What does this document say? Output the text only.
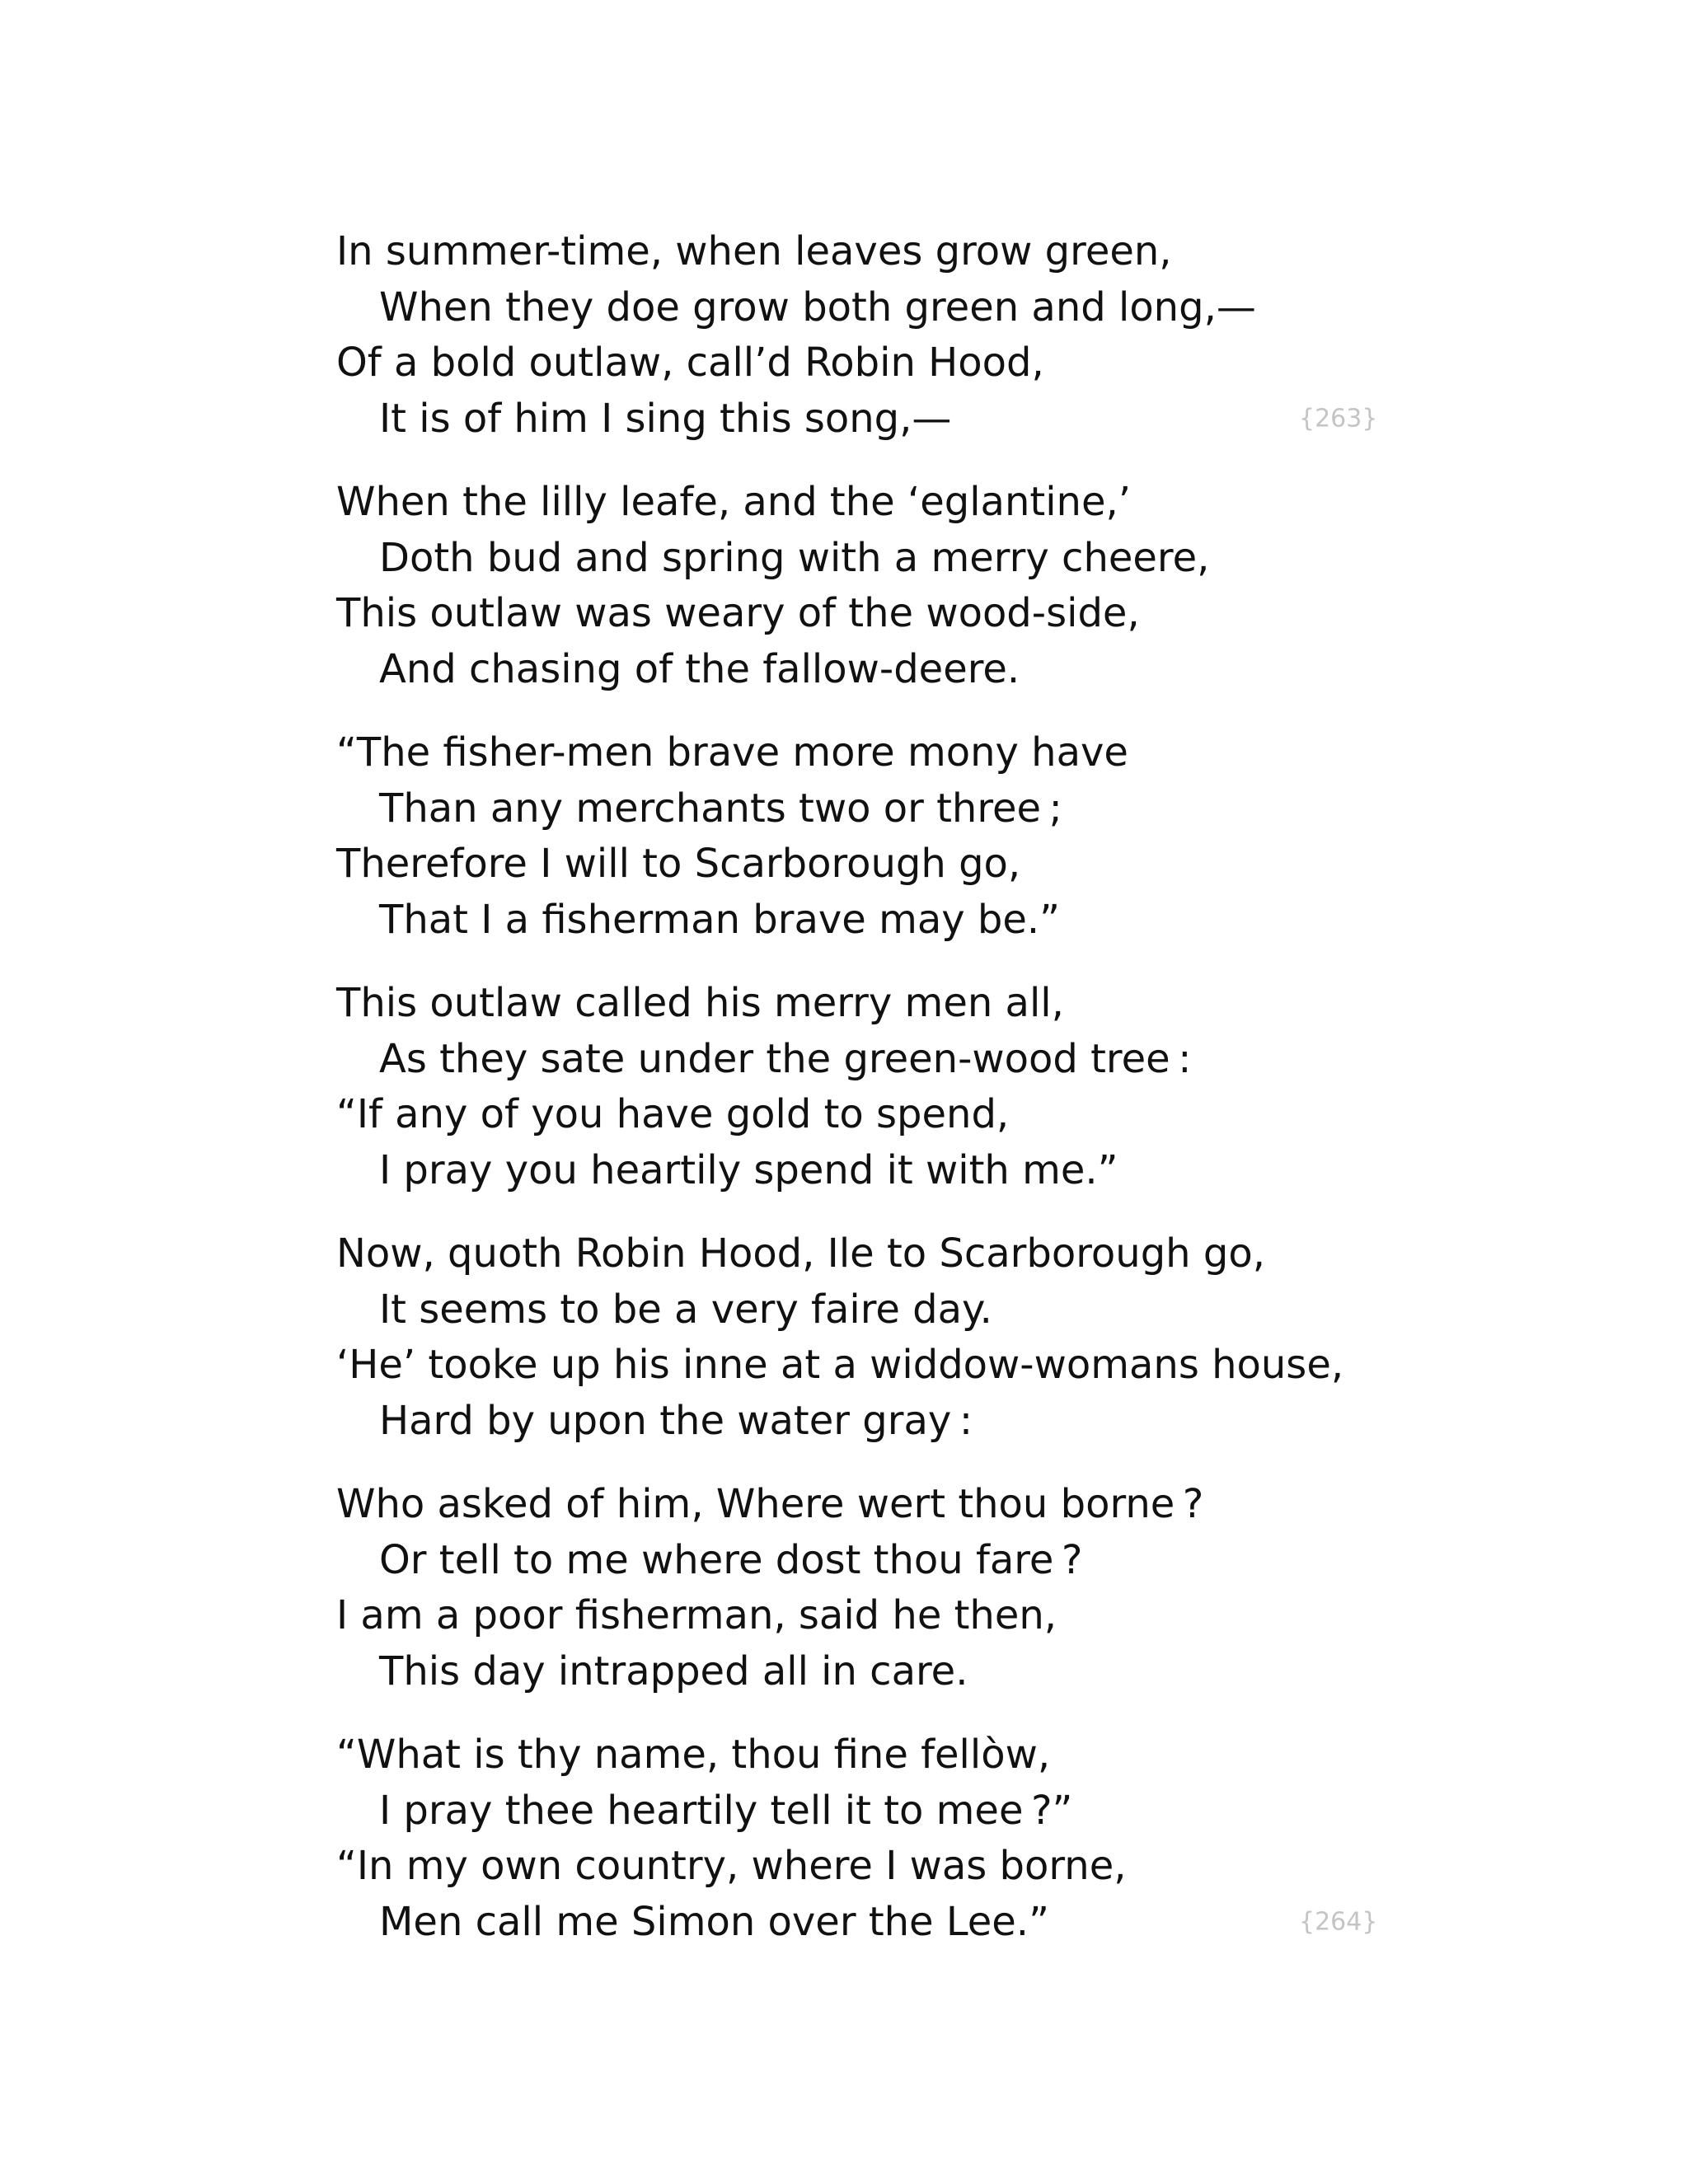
In summer-time, when leaves grow green,
When they doe grow both green and long,—
Of a bold outlaw, call’d Robin Hood,
It is of him I sing this song,—	{263}
When the lilly leafe, and the ‘eglantine,’
Doth bud and spring with a merry cheere,
This outlaw was weary of the wood-side,
And chasing of the fallow-deere.
“The fisher-men brave more mony have
Than any merchants two or three ;
Therefore I will to Scarborough go,
That I a fisherman brave may be.”
This outlaw called his merry men all,
As they sate under the green-wood tree :
“If any of you have gold to spend,
I pray you heartily spend it with me.”
Now, quoth Robin Hood, Ile to Scarborough go,
It seems to be a very faire day.
‘He’ tooke up his inne at a widdow-womans house,
Hard by upon the water gray :
Who asked of him, Where wert thou borne ?
Or tell to me where dost thou fare ?
I am a poor fisherman, said he then,
This day intrapped all in care.
“What is thy name, thou fine fellòw,
I pray thee heartily tell it to mee ?”
“In my own country, where I was borne,
Men call me Simon over the Lee.”	{264}
